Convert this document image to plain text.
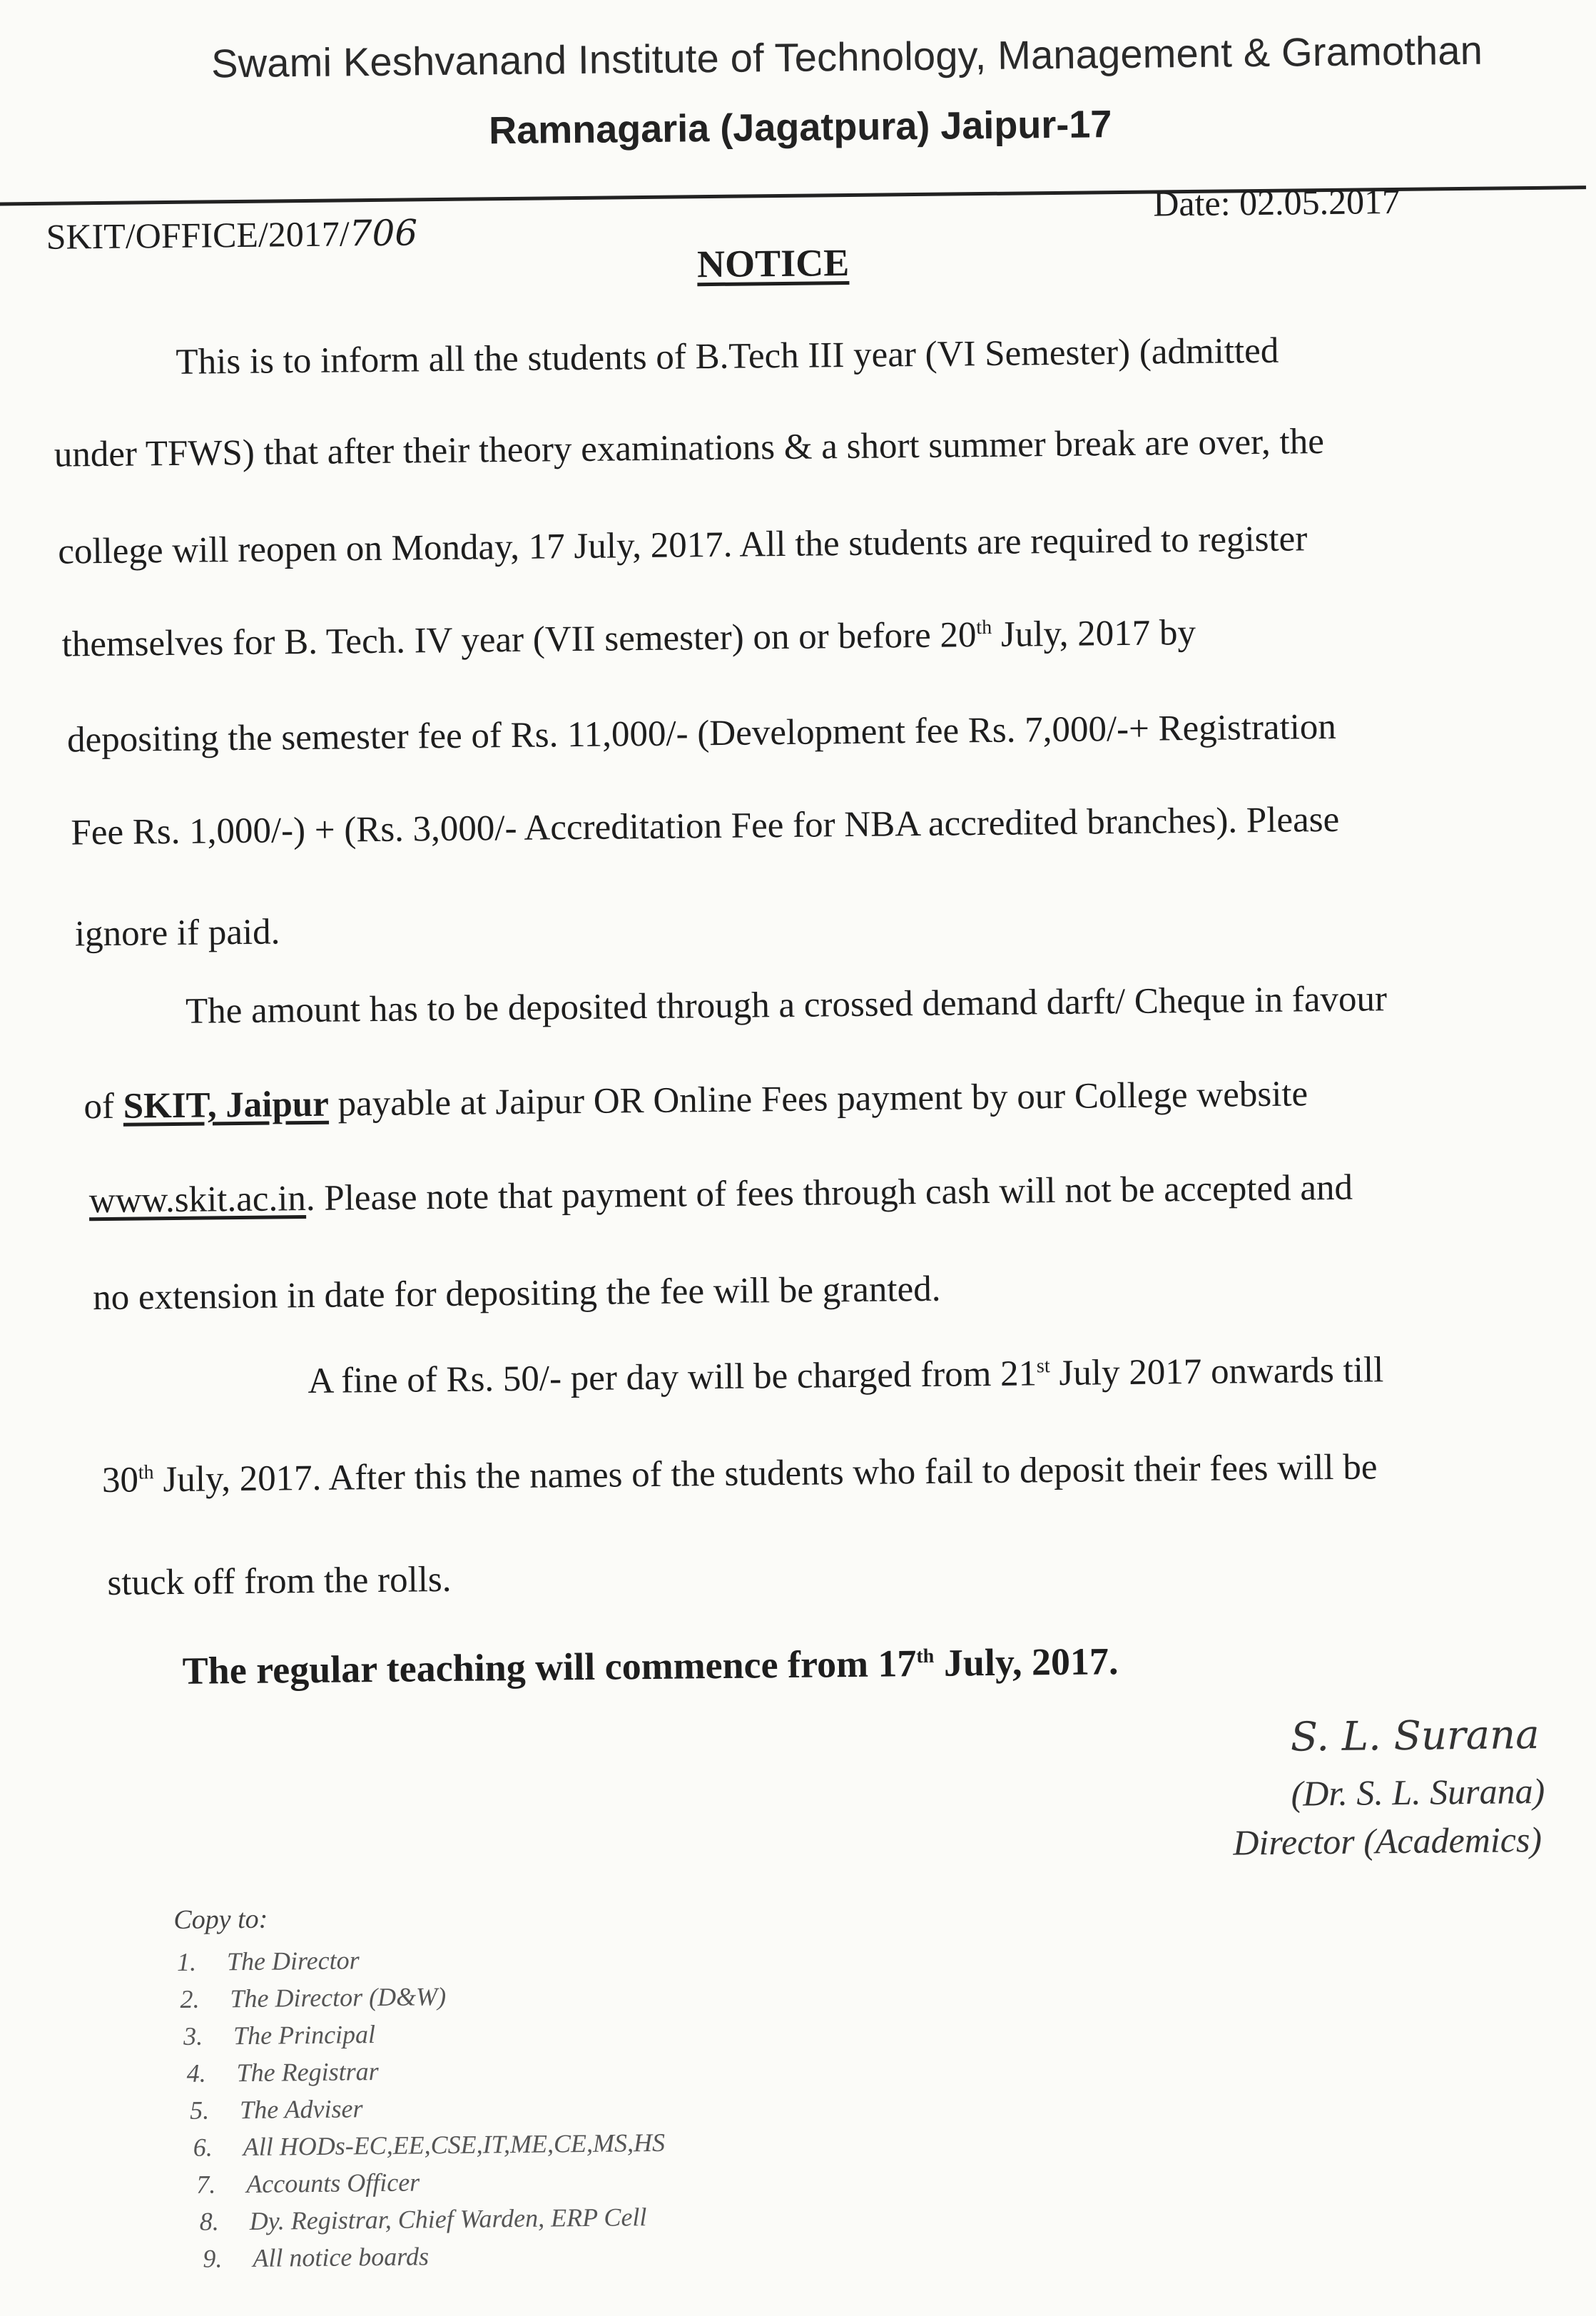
Swami Keshvanand Institute of Technology, Management & Gramothan
Ramnagaria (Jagatpura) Jaipur-17
SKIT/OFFICE/2017/706
Date: 02.05.2017
NOTICE
This is to inform all the students of B.Tech III year (VI Semester) (admitted
under TFWS) that after their theory examinations & a short summer break are over, the
college will reopen on Monday, 17 July, 2017. All the students are required to register
themselves for B. Tech. IV year (VII semester) on or before 20th July, 2017 by
depositing the semester fee of Rs. 11,000/- (Development fee Rs. 7,000/-+ Registration
Fee Rs. 1,000/-) + (Rs. 3,000/- Accreditation Fee for NBA accredited branches). Please
ignore if paid.
The amount has to be deposited through a crossed demand darft/ Cheque in favour
of SKIT, Jaipur payable at Jaipur OR Online Fees payment by our College website
www.skit.ac.in. Please note that payment of fees through cash will not be accepted and
no extension in date for depositing the fee will be granted.
A fine of Rs. 50/- per day will be charged from 21st July 2017 onwards till
30th July, 2017. After this the names of the students who fail to deposit their fees will be
stuck off from the rolls.
The regular teaching will commence from 17th July, 2017.
S. L. Surana
(Dr. S. L. Surana)
Director (Academics)
Copy to:
1. The Director
2. The Director (D&W)
3. The Principal
4. The Registrar
5. The Adviser
6. All HODs-EC,EE,CSE,IT,ME,CE,MS,HS
7. Accounts Officer
8. Dy. Registrar, Chief Warden, ERP Cell
9. All notice boards
